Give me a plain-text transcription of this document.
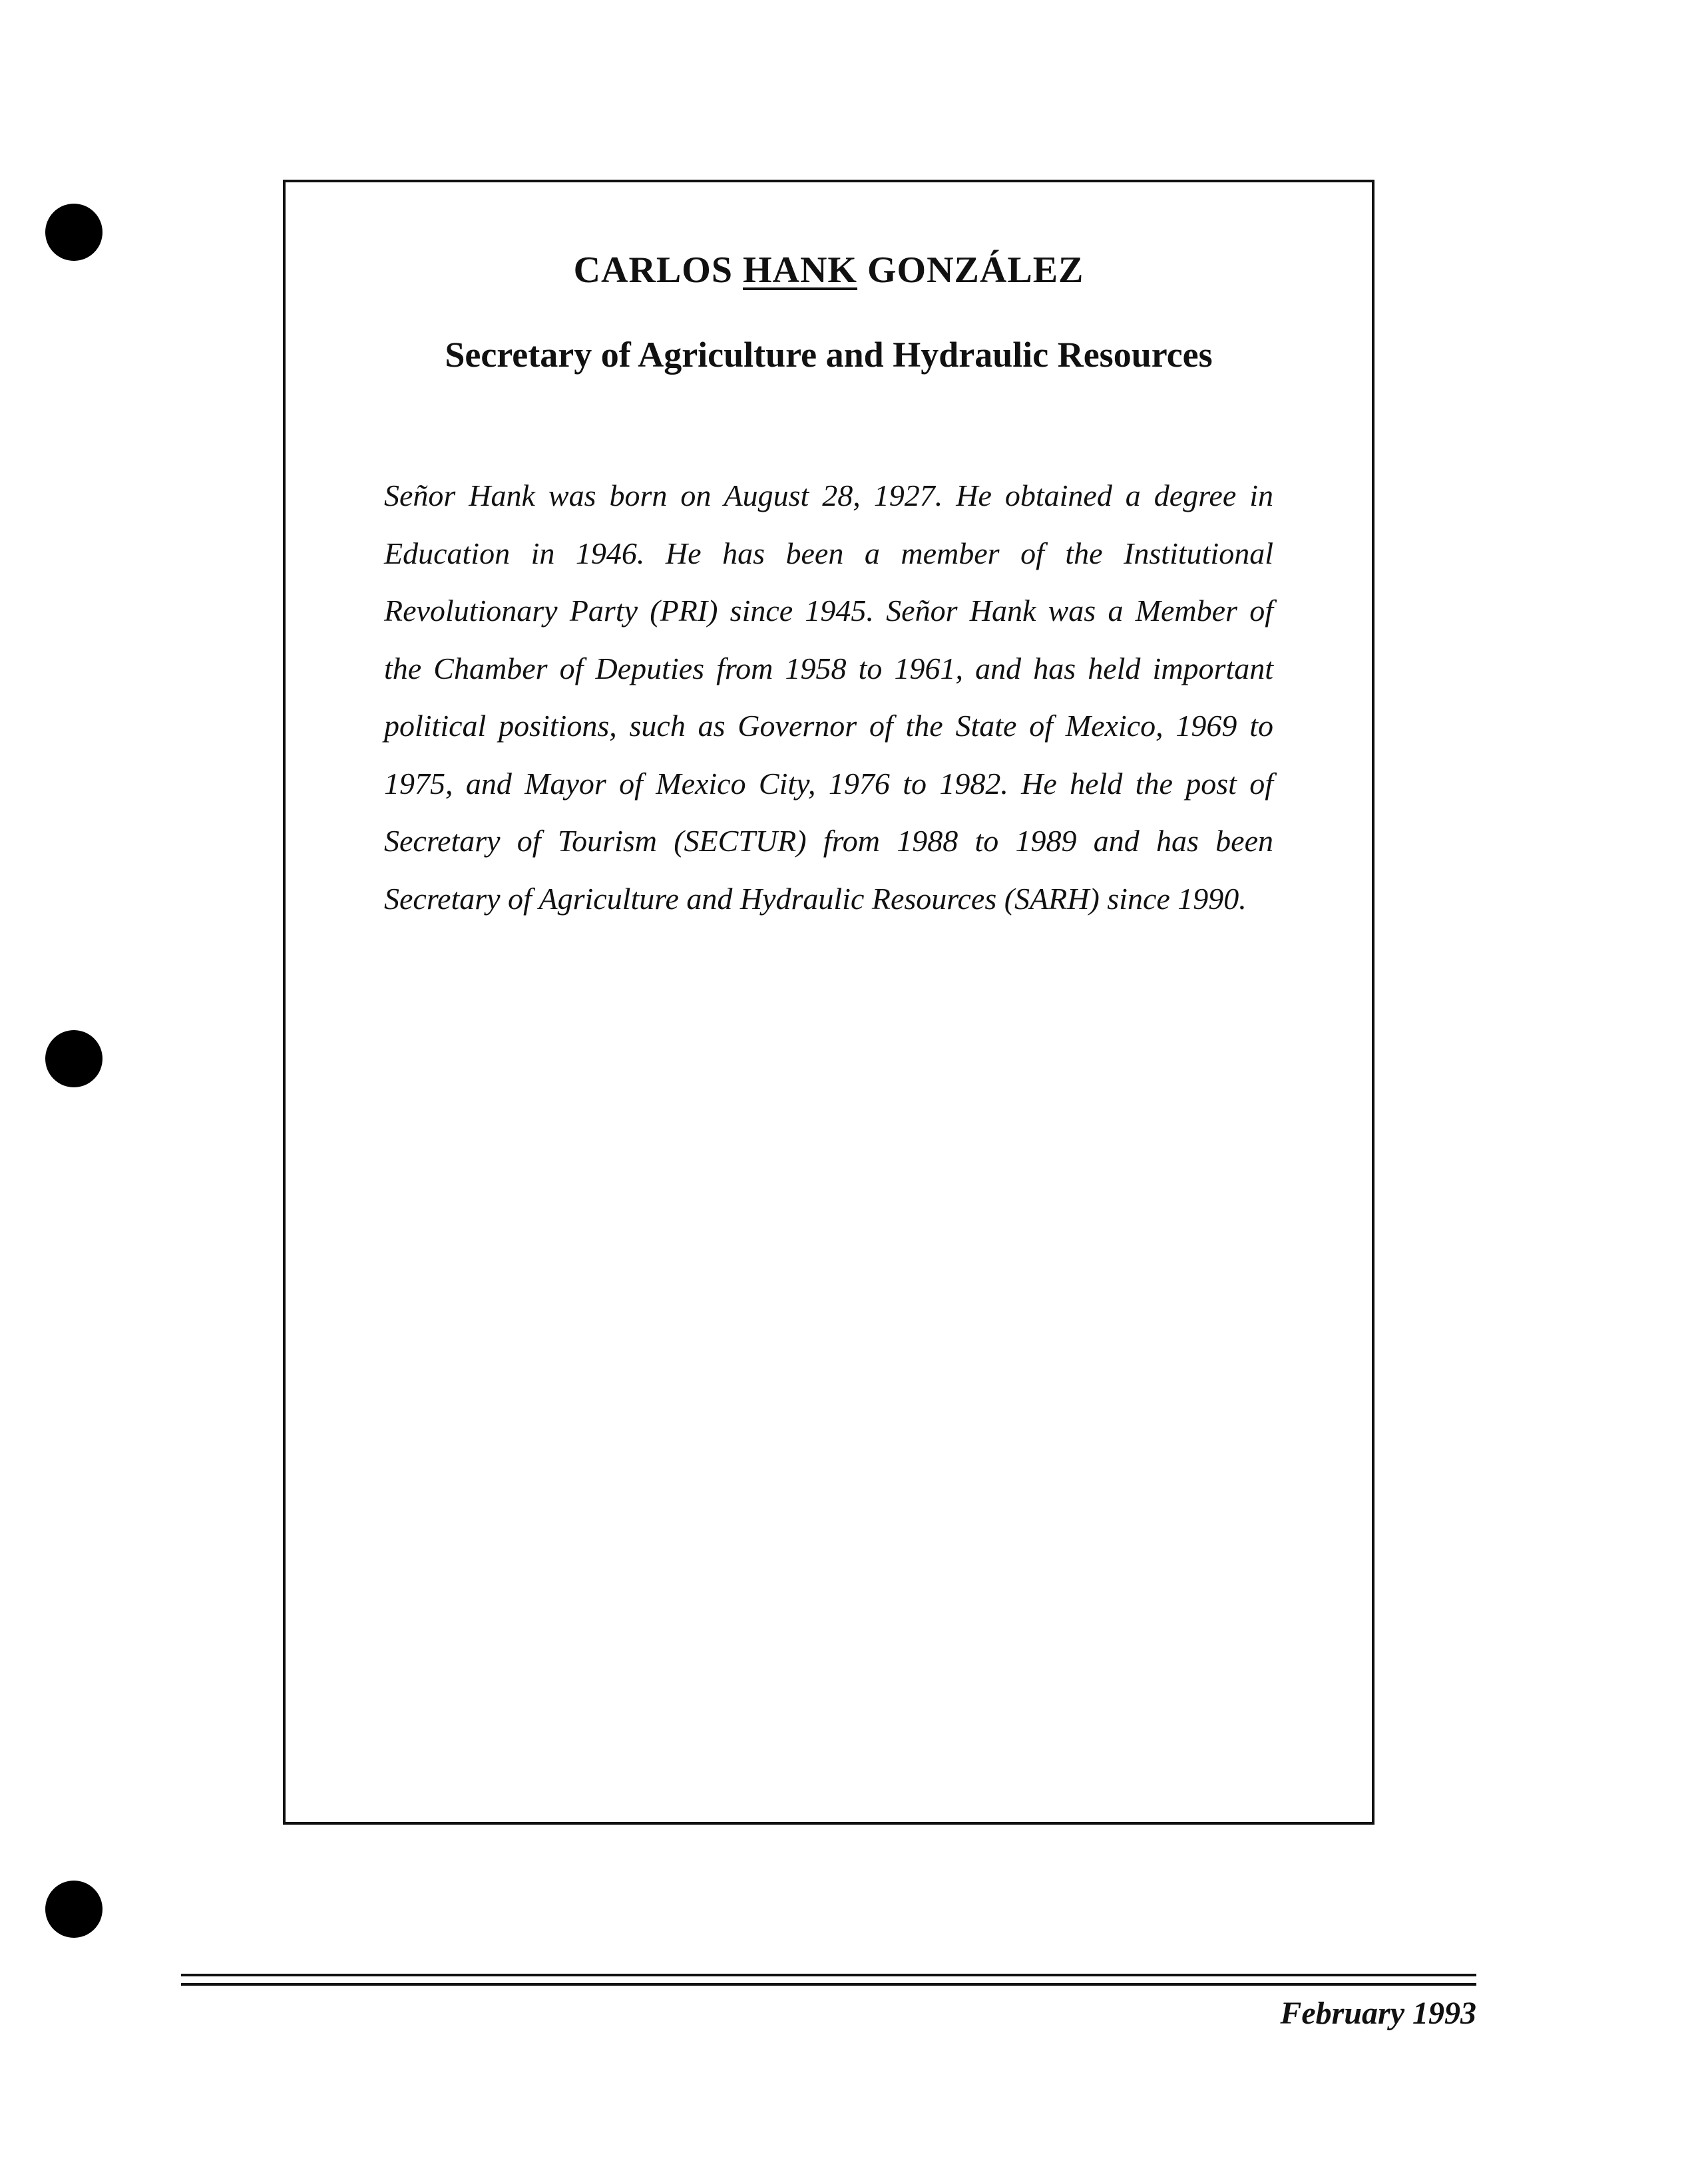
CARLOS HANK GONZÁLEZ
Secretary of Agriculture and Hydraulic Resources

Señor Hank was born on August 28, 1927. He obtained a degree in Education in 1946. He has been a member of the Institutional Revolutionary Party (PRI) since 1945. Señor Hank was a Member of the Chamber of Deputies from 1958 to 1961, and has held important political positions, such as Governor of the State of Mexico, 1969 to 1975, and Mayor of Mexico City, 1976 to 1982. He held the post of Secretary of Tourism (SECTUR) from 1988 to 1989 and has been Secretary of Agriculture and Hydraulic Resources (SARH) since 1990.

February 1993
